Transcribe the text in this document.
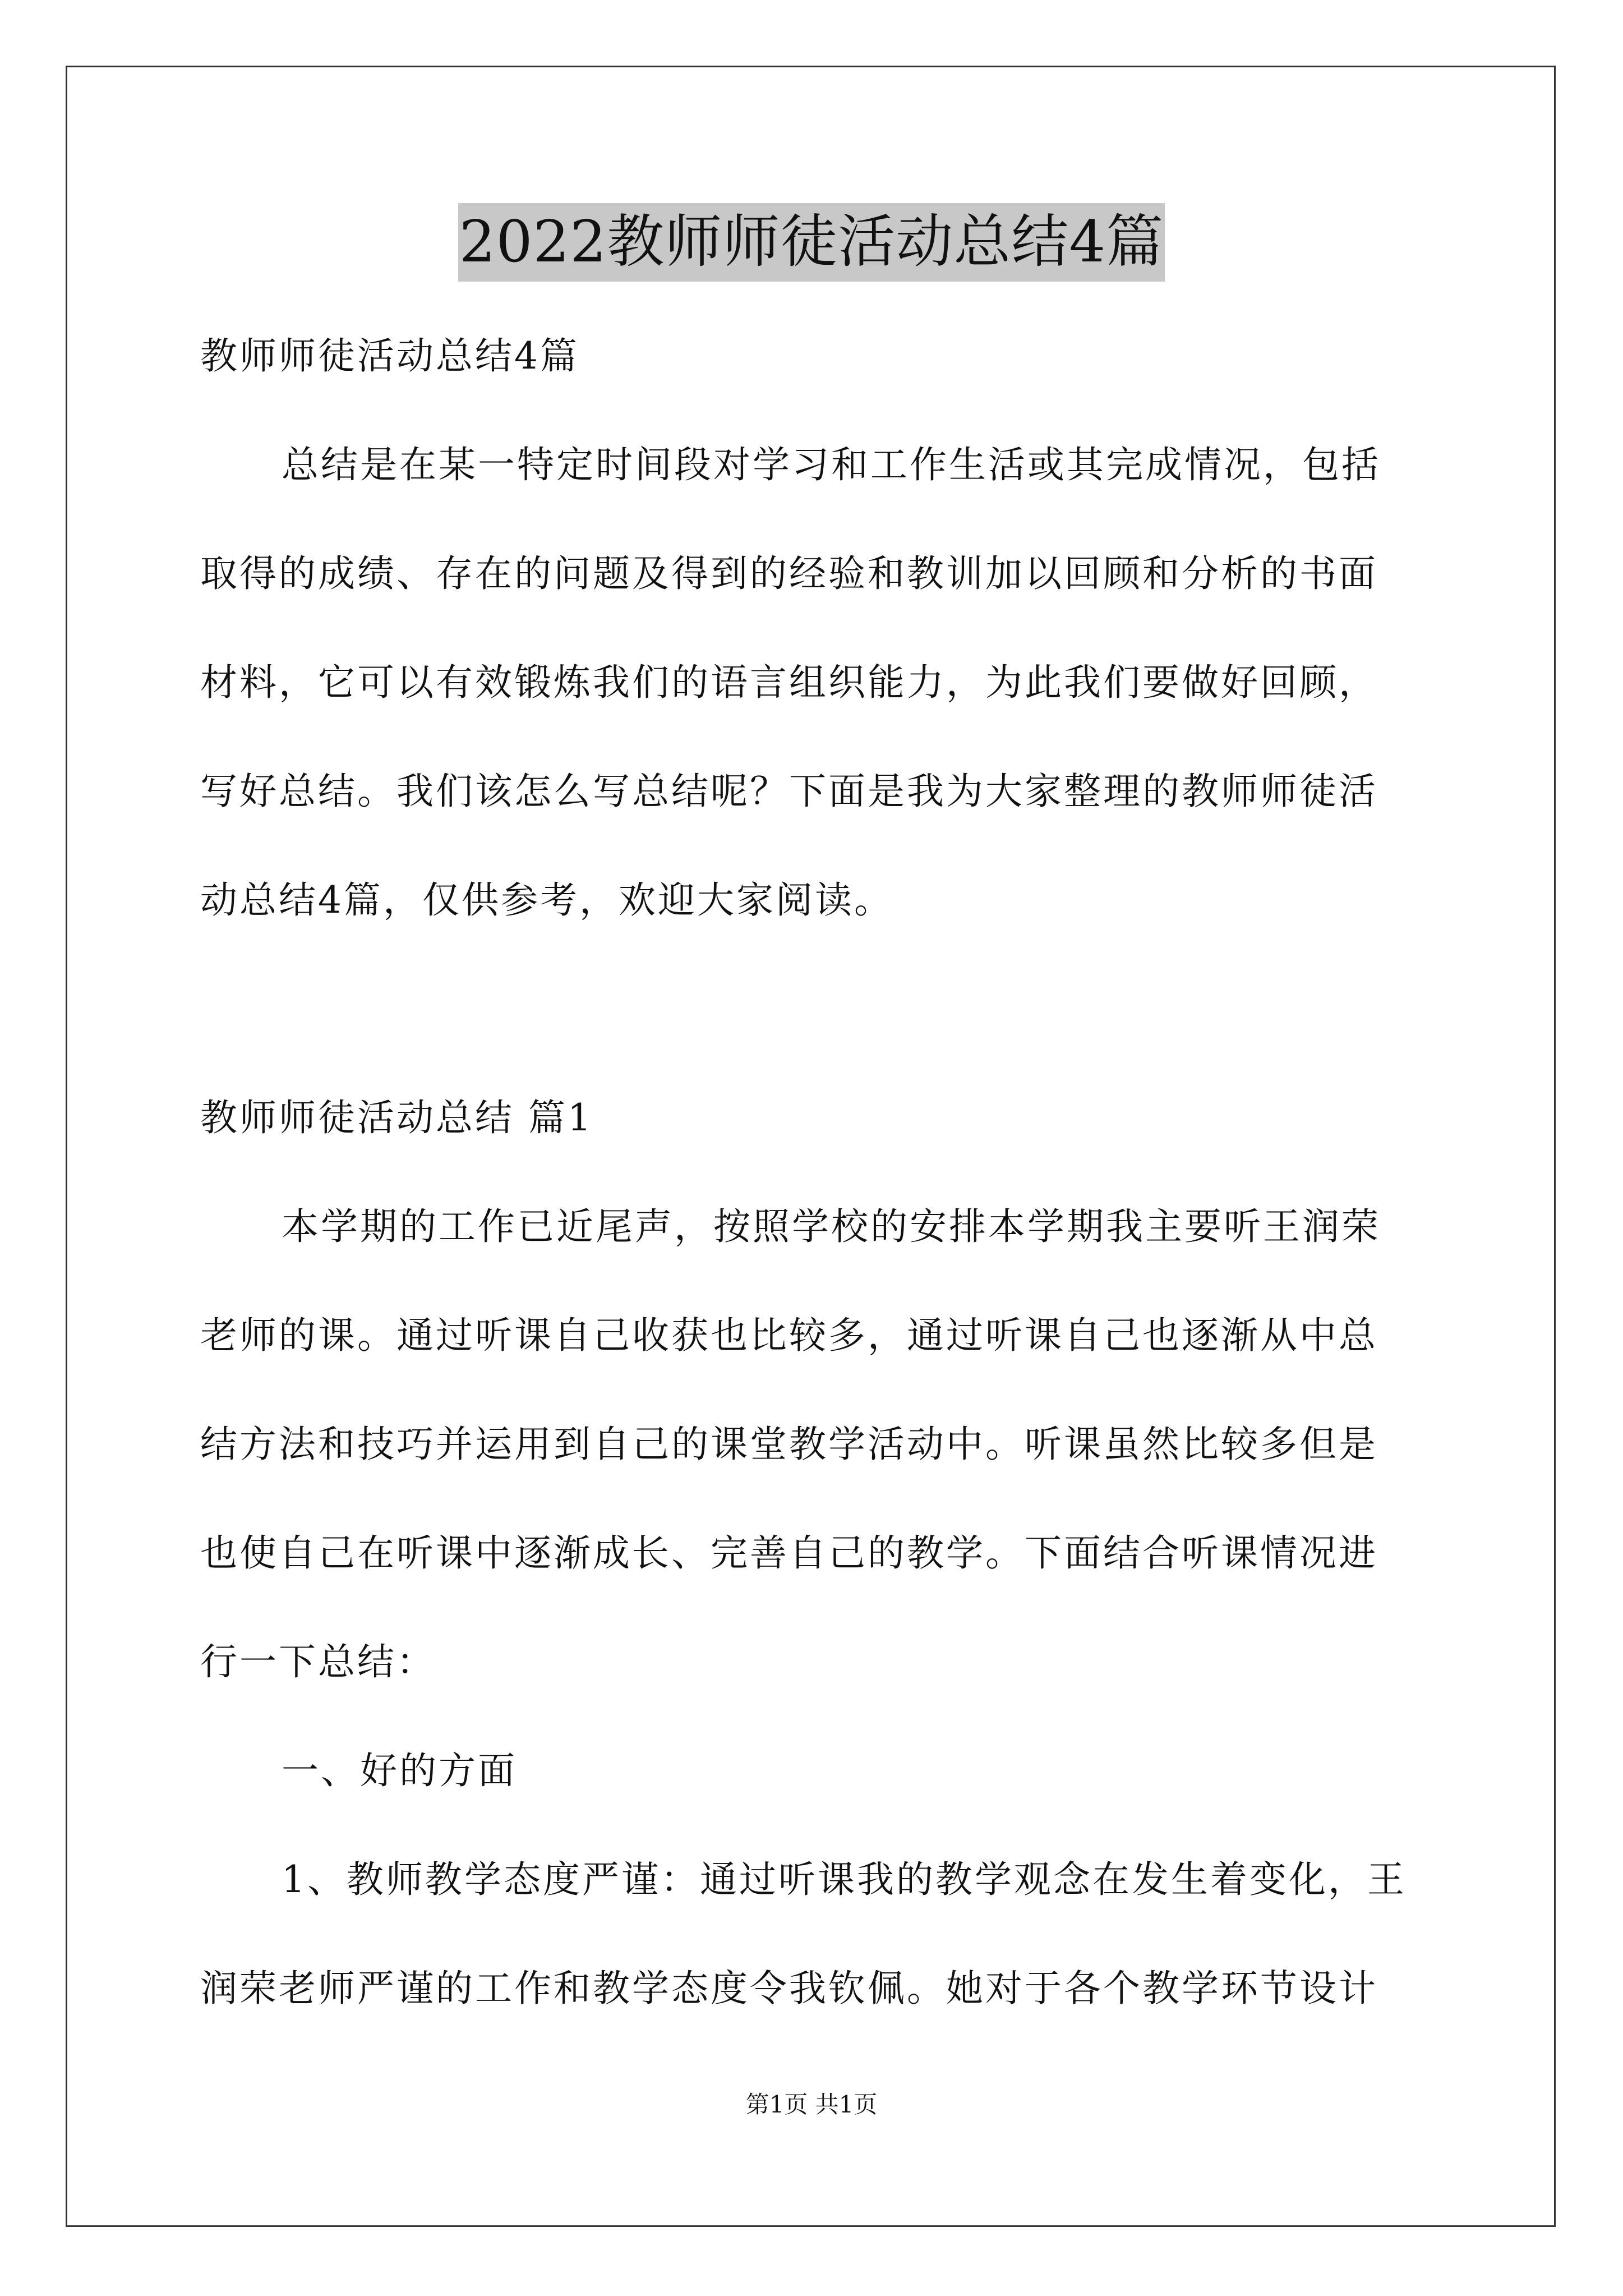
2022教师师徒活动总结4篇
教师师徒活动总结4篇
总结是在某一特定时间段对学习和工作生活或其完成情况，包括
取得的成绩、存在的问题及得到的经验和教训加以回顾和分析的书面
材料，它可以有效锻炼我们的语言组织能力，为此我们要做好回顾，
写好总结。我们该怎么写总结呢？下面是我为大家整理的教师师徒活
动总结4篇，仅供参考，欢迎大家阅读。
教师师徒活动总结 篇1
本学期的工作已近尾声，按照学校的安排本学期我主要听王润荣
老师的课。通过听课自己收获也比较多，通过听课自己也逐渐从中总
结方法和技巧并运用到自己的课堂教学活动中。听课虽然比较多但是
也使自己在听课中逐渐成长、完善自己的教学。下面结合听课情况进
行一下总结：
一、好的方面
1、教师教学态度严谨：通过听课我的教学观念在发生着变化，王
润荣老师严谨的工作和教学态度令我钦佩。她对于各个教学环节设计
第1页 共1页
